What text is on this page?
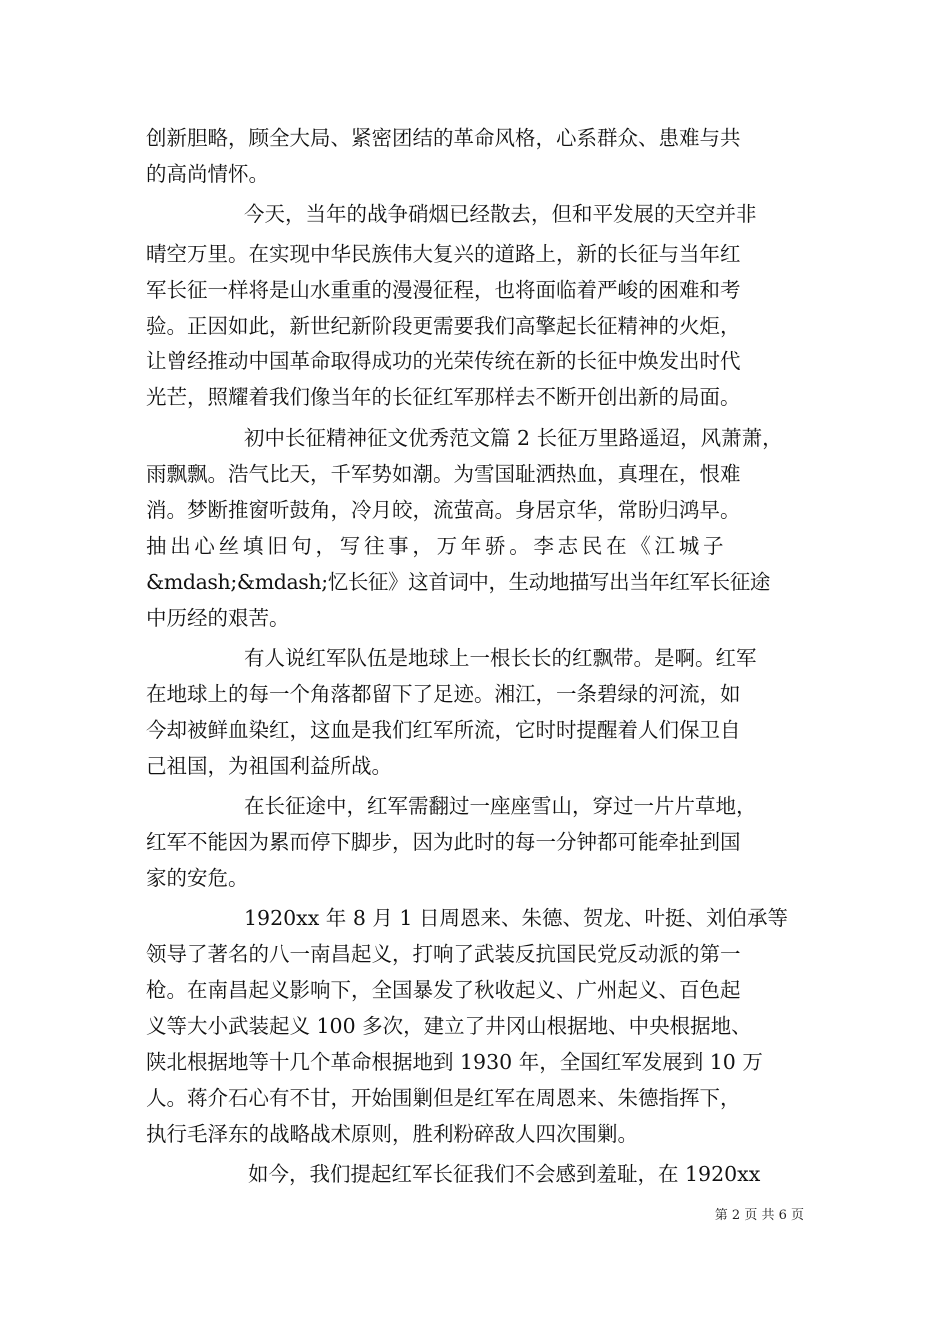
创新胆略，顾全大局、紧密团结的革命风格，心系群众、患难与共
的高尚情怀。
今天，当年的战争硝烟已经散去，但和平发展的天空并非
晴空万里。在实现中华民族伟大复兴的道路上，新的长征与当年红
军长征一样将是山水重重的漫漫征程，也将面临着严峻的困难和考
验。正因如此，新世纪新阶段更需要我们高擎起长征精神的火炬，
让曾经推动中国革命取得成功的光荣传统在新的长征中焕发出时代
光芒，照耀着我们像当年的长征红军那样去不断开创出新的局面。
初中长征精神征文优秀范文篇 2 长征万里路遥迢，风萧萧，
雨飘飘。浩气比天，千军势如潮。为雪国耻洒热血，真理在，恨难
消。梦断推窗听鼓角，冷月皎，流萤高。身居京华，常盼归鸿早。
抽 出 心 丝 填 旧 句 ， 写 往 事 ， 万 年 骄 。 李 志 民 在 《 江 城 子
&mdash;&mdash;忆长征》这首词中，生动地描写出当年红军长征途
中历经的艰苦。
有人说红军队伍是地球上一根长长的红飘带。是啊。红军
在地球上的每一个角落都留下了足迹。湘江，一条碧绿的河流，如
今却被鲜血染红，这血是我们红军所流，它时时提醒着人们保卫自
己祖国，为祖国利益所战。
在长征途中，红军需翻过一座座雪山，穿过一片片草地，
红军不能因为累而停下脚步，因为此时的每一分钟都可能牵扯到国
家的安危。
1920xx 年 8 月 1 日周恩来、朱德、贺龙、叶挺、刘伯承等
领导了著名的八一南昌起义，打响了武装反抗国民党反动派的第一
枪。在南昌起义影响下，全国暴发了秋收起义、广州起义、百色起
义等大小武装起义 100 多次，建立了井冈山根据地、中央根据地、
陕北根据地等十几个革命根据地到 1930 年，全国红军发展到 10 万
人。蒋介石心有不甘，开始围剿但是红军在周恩来、朱德指挥下，
执行毛泽东的战略战术原则，胜利粉碎敌人四次围剿。
如今，我们提起红军长征我们不会感到羞耻，在 1920xx
第 2 页 共 6 页
